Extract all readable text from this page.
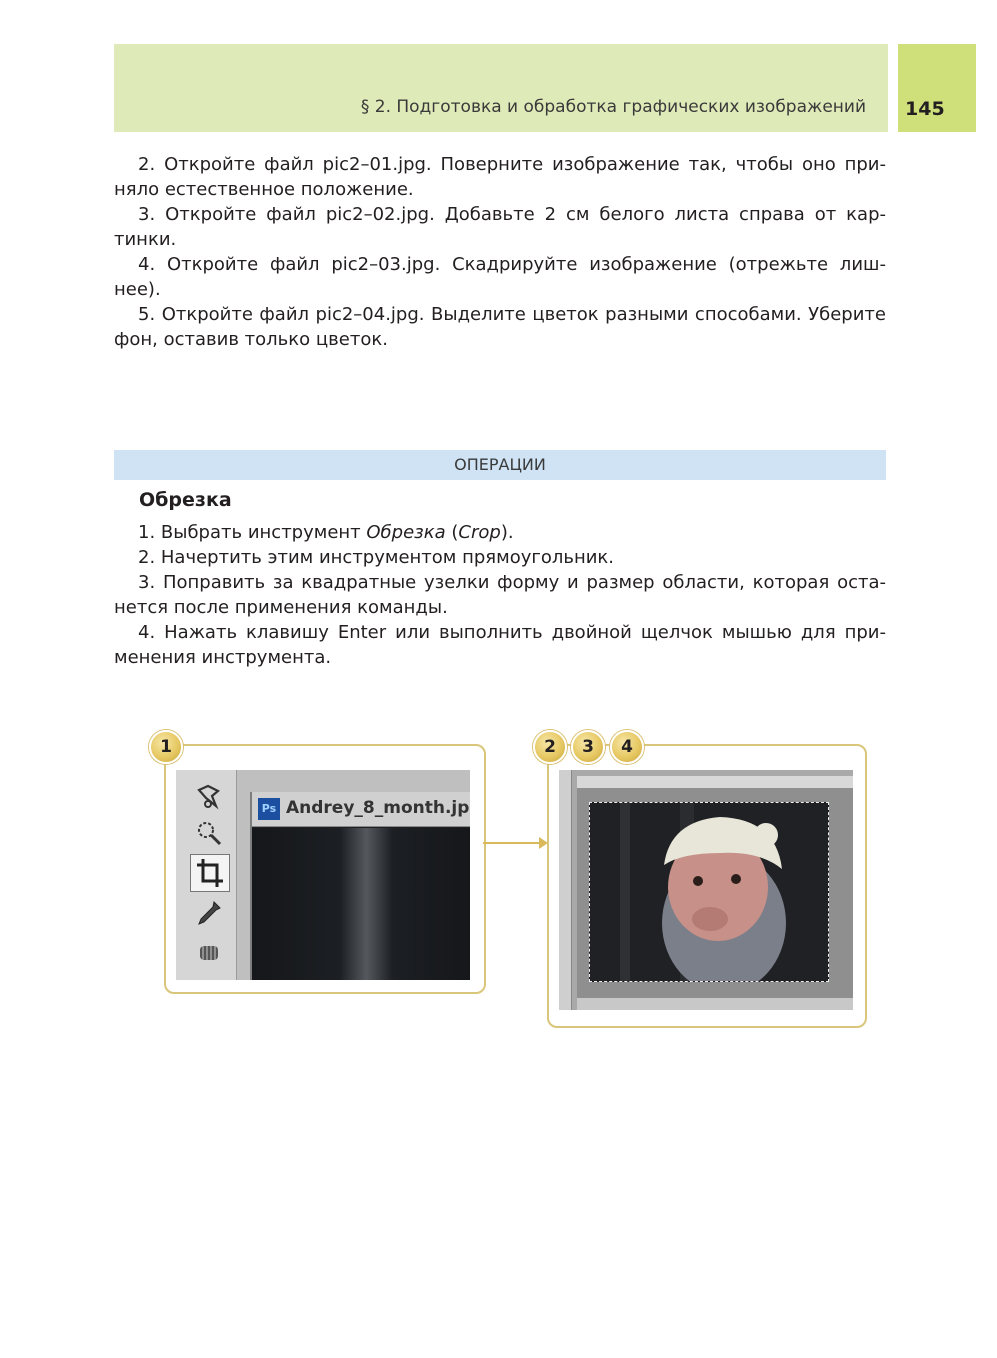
§ 2. Подготовка и обработка графических изображений 145
2. Откройте файл pic2–01.jpg. Поверните изображение так, чтобы оно при-няло естественное положение.
3. Откройте файл pic2–02.jpg. Добавьте 2 см белого листа справа от кар-тинки.
4. Откройте файл pic2–03.jpg. Скадрируйте изображение (отрежьте лиш-нее).
5. Откройте файл pic2–04.jpg. Выделите цветок разными способами. Уберите фон, оставив только цветок.
ОПЕРАЦИИ
Обрезка
1. Выбрать инструмент Обрезка (Crop).
2. Начертить этим инструментом прямоугольник.
3. Поправить за квадратные узелки форму и размер области, которая оста-нется после применения команды.
4. Нажать клавишу Enter или выполнить двойной щелчок мышью для при-менения инструмента.
Ps Andrey_8_month.jp
1	2	3	4
